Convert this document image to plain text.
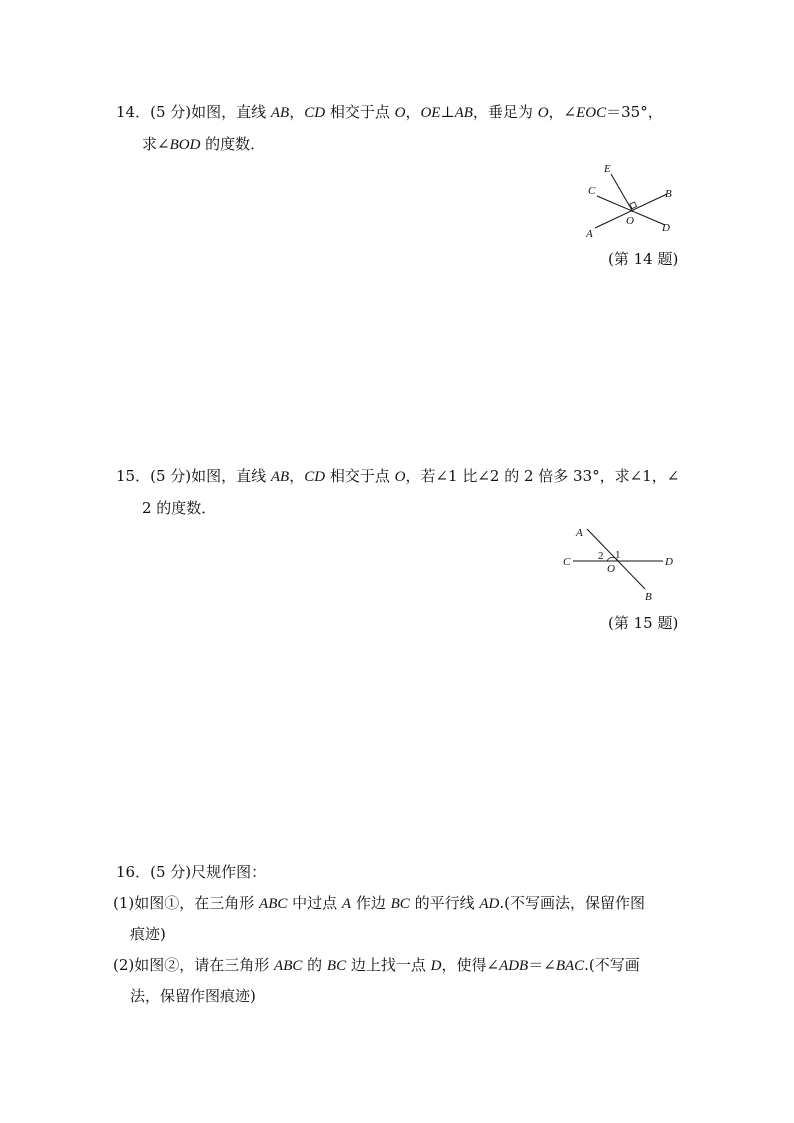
14．(5 分)如图，直线 AB，CD 相交于点 O，OE⊥AB，垂足为 O，∠EOC＝35°，
求∠BOD 的度数．
E
C	B
O
D
A
(第 14 题)
15．(5 分)如图，直线 AB，CD 相交于点 O，若∠1 比∠2 的 2 倍多 33°，求∠1，∠
2 的度数．
A
C	2 1
O
D
B
(第 15 题)
16．(5 分)尺规作图：
(1)如图①，在三角形 ABC 中过点 A 作边 BC 的平行线 AD.(不写画法，保留作图
痕迹)
(2)如图②，请在三角形 ABC 的 BC 边上找一点 D，使得∠ADB＝∠BAC.(不写画
法，保留作图痕迹)
